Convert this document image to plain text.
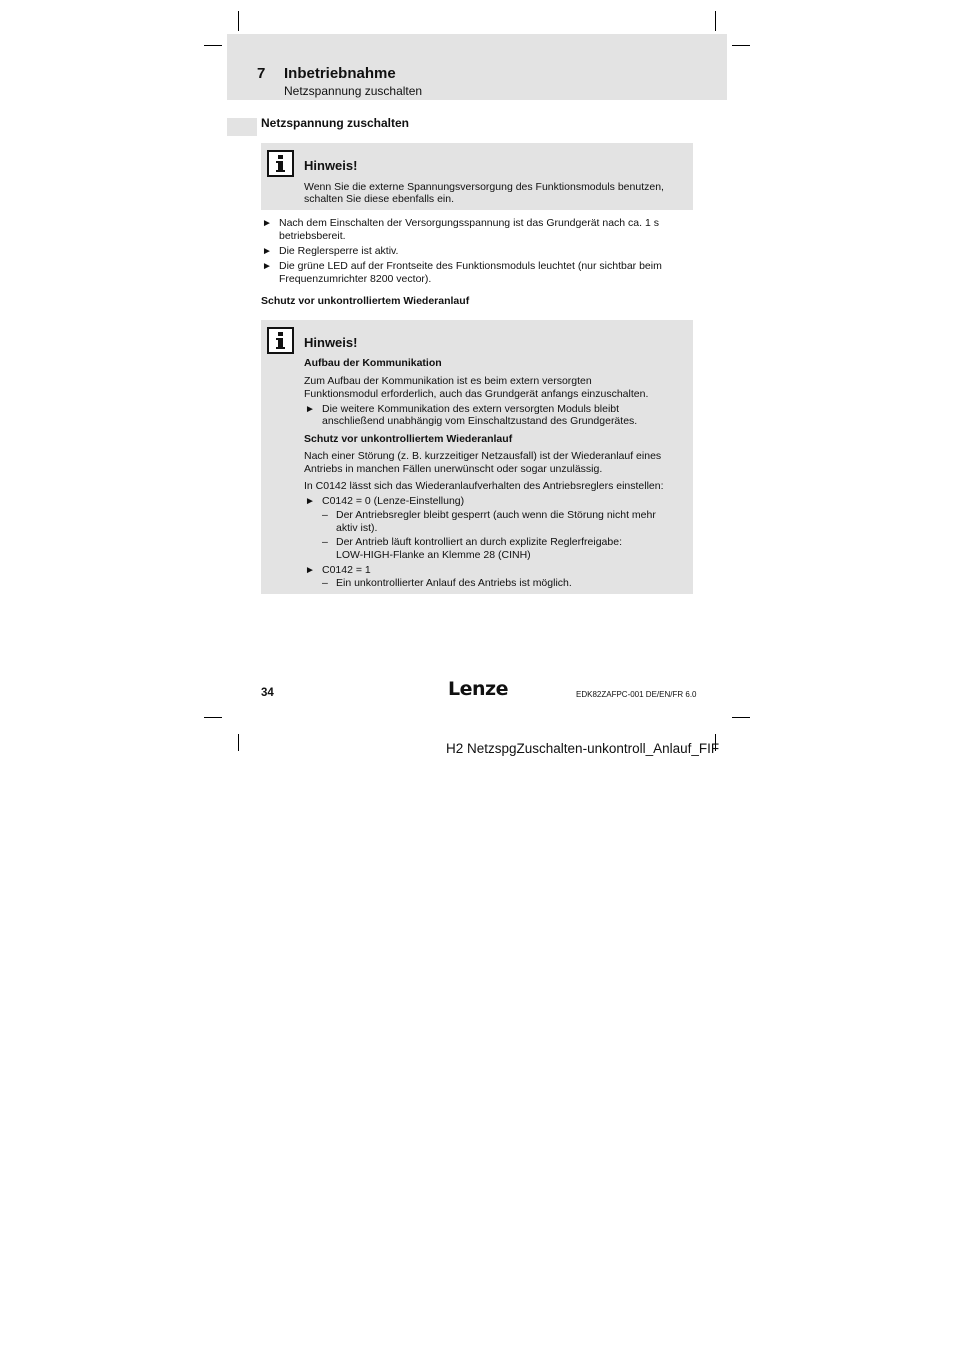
7 Inbetriebnahme
Netzspannung zuschalten
Netzspannung zuschalten
Hinweis!
Wenn Sie die externe Spannungsversorgung des Funktionsmoduls benutzen,
schalten Sie diese ebenfalls ein.
► Nach dem Einschalten der Versorgungsspannung ist das Grundgerät nach ca. 1 s
betriebsbereit.
► Die Reglersperre ist aktiv.
► Die grüne LED auf der Frontseite des Funktionsmoduls leuchtet (nur sichtbar beim
Frequenzumrichter 8200 vector).
Schutz vor unkontrolliertem Wiederanlauf
Hinweis!
Aufbau der Kommunikation
Zum Aufbau der Kommunikation ist es beim extern versorgten
Funktionsmodul erforderlich, auch das Grundgerät anfangs einzuschalten.
► Die weitere Kommunikation des extern versorgten Moduls bleibt
anschließend unabhängig vom Einschaltzustand des Grundgerätes.
Schutz vor unkontrolliertem Wiederanlauf
Nach einer Störung (z. B. kurzzeitiger Netzausfall) ist der Wiederanlauf eines
Antriebs in manchen Fällen unerwünscht oder sogar unzulässig.
In C0142 lässt sich das Wiederanlaufverhalten des Antriebsreglers einstellen:
► C0142 = 0 (Lenze-Einstellung)
– Der Antriebsregler bleibt gesperrt (auch wenn die Störung nicht mehr
aktiv ist).
– Der Antrieb läuft kontrolliert an durch explizite Reglerfreigabe:
LOW-HIGH-Flanke an Klemme 28 (CINH)
► C0142 = 1
– Ein unkontrollierter Anlauf des Antriebs ist möglich.
34	Lenze	EDK82ZAFPC-001 DE/EN/FR 6.0
H2 NetzspgZuschalten-unkontroll_Anlauf_FIF
